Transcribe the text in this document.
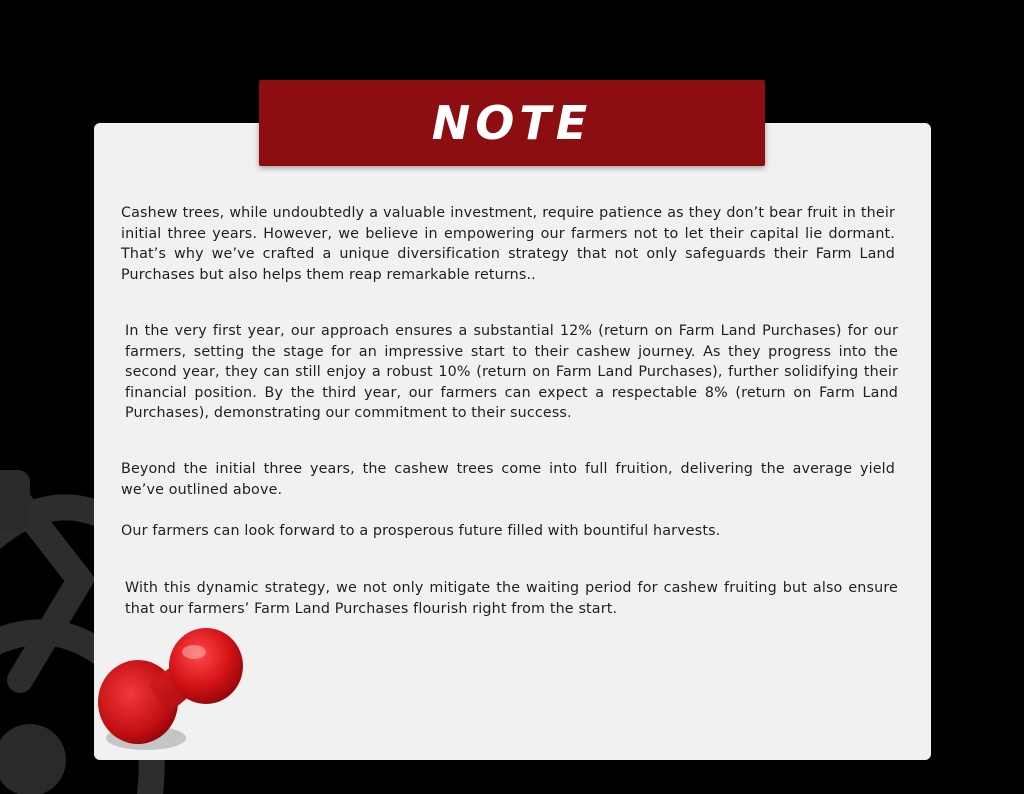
NOTE

Cashew trees, while undoubtedly a valuable investment, require patience as they don’t bear fruit in their initial three years. However, we believe in empowering our farmers not to let their capital lie dormant. That’s why we’ve crafted a unique diversification strategy that not only safeguards their Farm Land Purchases but also helps them reap remarkable returns..

In the very first year, our approach ensures a substantial 12% (return on Farm Land Purchases) for our farmers, setting the stage for an impressive start to their cashew journey. As they progress into the second year, they can still enjoy a robust 10% (return on Farm Land Purchases), further solidifying their financial position. By the third year, our farmers can expect a respectable 8% (return on Farm Land Purchases), demonstrating our commitment to their success.

Beyond the initial three years, the cashew trees come into full fruition, delivering the average yield we’ve outlined above.

Our farmers can look forward to a prosperous future filled with bountiful harvests.

With this dynamic strategy, we not only mitigate the waiting period for cashew fruiting but also ensure that our farmers’ Farm Land Purchases flourish right from the start.
